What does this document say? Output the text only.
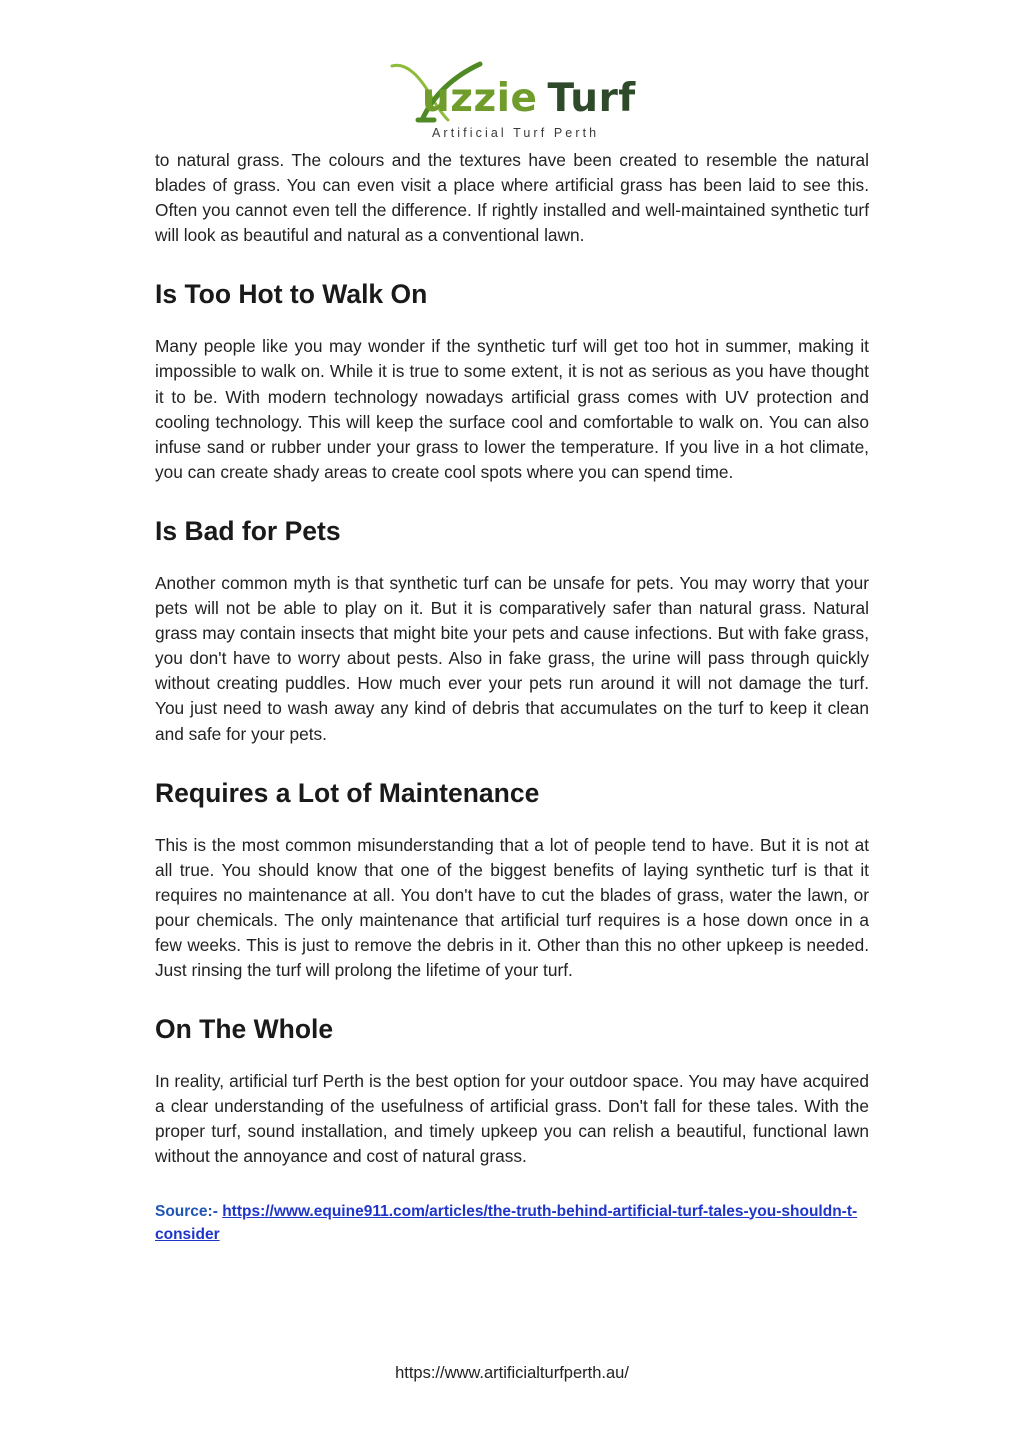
uzzie Turf
Artificial Turf Perth

to natural grass. The colours and the textures have been created to resemble the natural blades of grass. You can even visit a place where artificial grass has been laid to see this. Often you cannot even tell the difference. If rightly installed and well-maintained synthetic turf will look as beautiful and natural as a conventional lawn.

Is Too Hot to Walk On

Many people like you may wonder if the synthetic turf will get too hot in summer, making it impossible to walk on. While it is true to some extent, it is not as serious as you have thought it to be. With modern technology nowadays artificial grass comes with UV protection and cooling technology. This will keep the surface cool and comfortable to walk on. You can also infuse sand or rubber under your grass to lower the temperature. If you live in a hot climate, you can create shady areas to create cool spots where you can spend time.

Is Bad for Pets

Another common myth is that synthetic turf can be unsafe for pets. You may worry that your pets will not be able to play on it. But it is comparatively safer than natural grass. Natural grass may contain insects that might bite your pets and cause infections. But with fake grass, you don't have to worry about pests. Also in fake grass, the urine will pass through quickly without creating puddles. How much ever your pets run around it will not damage the turf. You just need to wash away any kind of debris that accumulates on the turf to keep it clean and safe for your pets.

Requires a Lot of Maintenance

This is the most common misunderstanding that a lot of people tend to have. But it is not at all true. You should know that one of the biggest benefits of laying synthetic turf is that it requires no maintenance at all. You don't have to cut the blades of grass, water the lawn, or pour chemicals. The only maintenance that artificial turf requires is a hose down once in a few weeks. This is just to remove the debris in it. Other than this no other upkeep is needed. Just rinsing the turf will prolong the lifetime of your turf.

On The Whole

In reality, artificial turf Perth is the best option for your outdoor space. You may have acquired a clear understanding of the usefulness of artificial grass. Don't fall for these tales. With the proper turf, sound installation, and timely upkeep you can relish a beautiful, functional lawn without the annoyance and cost of natural grass.

Source:- https://www.equine911.com/articles/the-truth-behind-artificial-turf-tales-you-shouldn-t-consider

https://www.artificialturfperth.au/
